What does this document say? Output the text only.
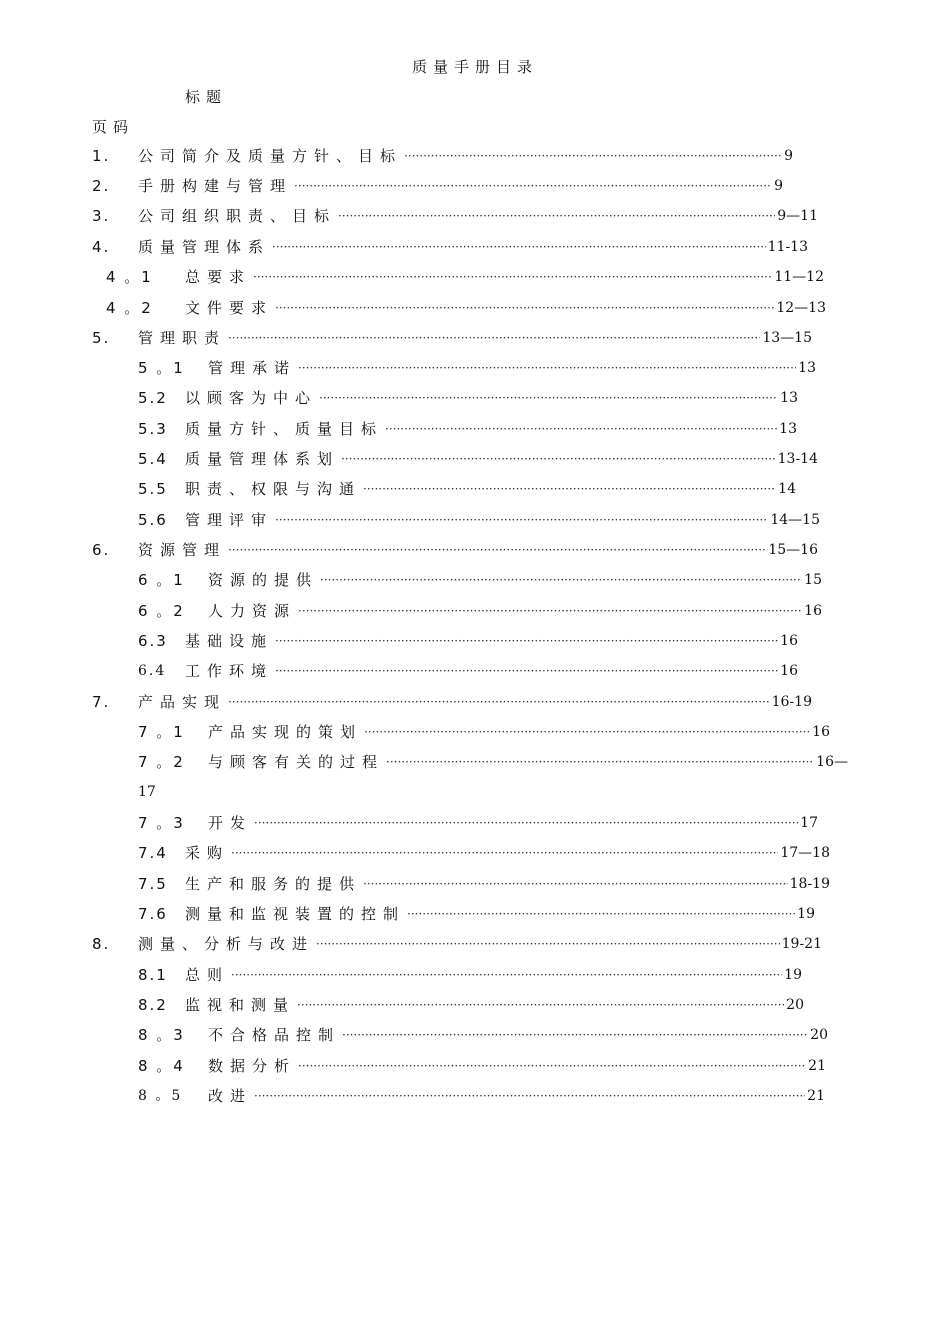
质量手册目录
标题
页码
1.	公司简介及质量方针、目标 ·····	9
2.	手册构建与管理 ·····	9
3.	公司组织职责、目标 ·····	9—11
4.	质量管理体系 ·····	11-13
4 。1	总要求 ·····	11—12
4 。2	文件要求 ·····	12—13
5.	管理职责 ·····	13—15
5 。1	管理承诺 ·····	13
5.2	以顾客为中心 ·····	13
5.3	质量方针、质量目标 ·····	13
5.4	质量管理体系划 ·····	13-14
5.5	职责、权限与沟通 ·····	14
5.6	管理评审 ·····	14—15
6.	资源管理 ·····	15—16
6 。1	资源的提供 ·····	15
6 。2	人力资源 ·····	16
6.3	基础设施 ·····	16
6.4	工作环境 ·····	16
7.	产品实现 ·····	16-19
7 。1	产品实现的策划 ·····	16
7 。2	与顾客有关的过程 ·····	16—
17
7 。3	开发 ·····	17
7.4	采购 ·····	17—18
7.5	生产和服务的提供 ·····	18-19
7.6	测量和监视装置的控制 ·····	19
8.	测量、分析与改进 ·····	19-21
8.1	总则 ·····	19
8.2	监视和测量 ·····	20
8 。3	不合格品控制 ·····	20
8 。4	数据分析 ·····	21
8 。5	改进 ·····	21
